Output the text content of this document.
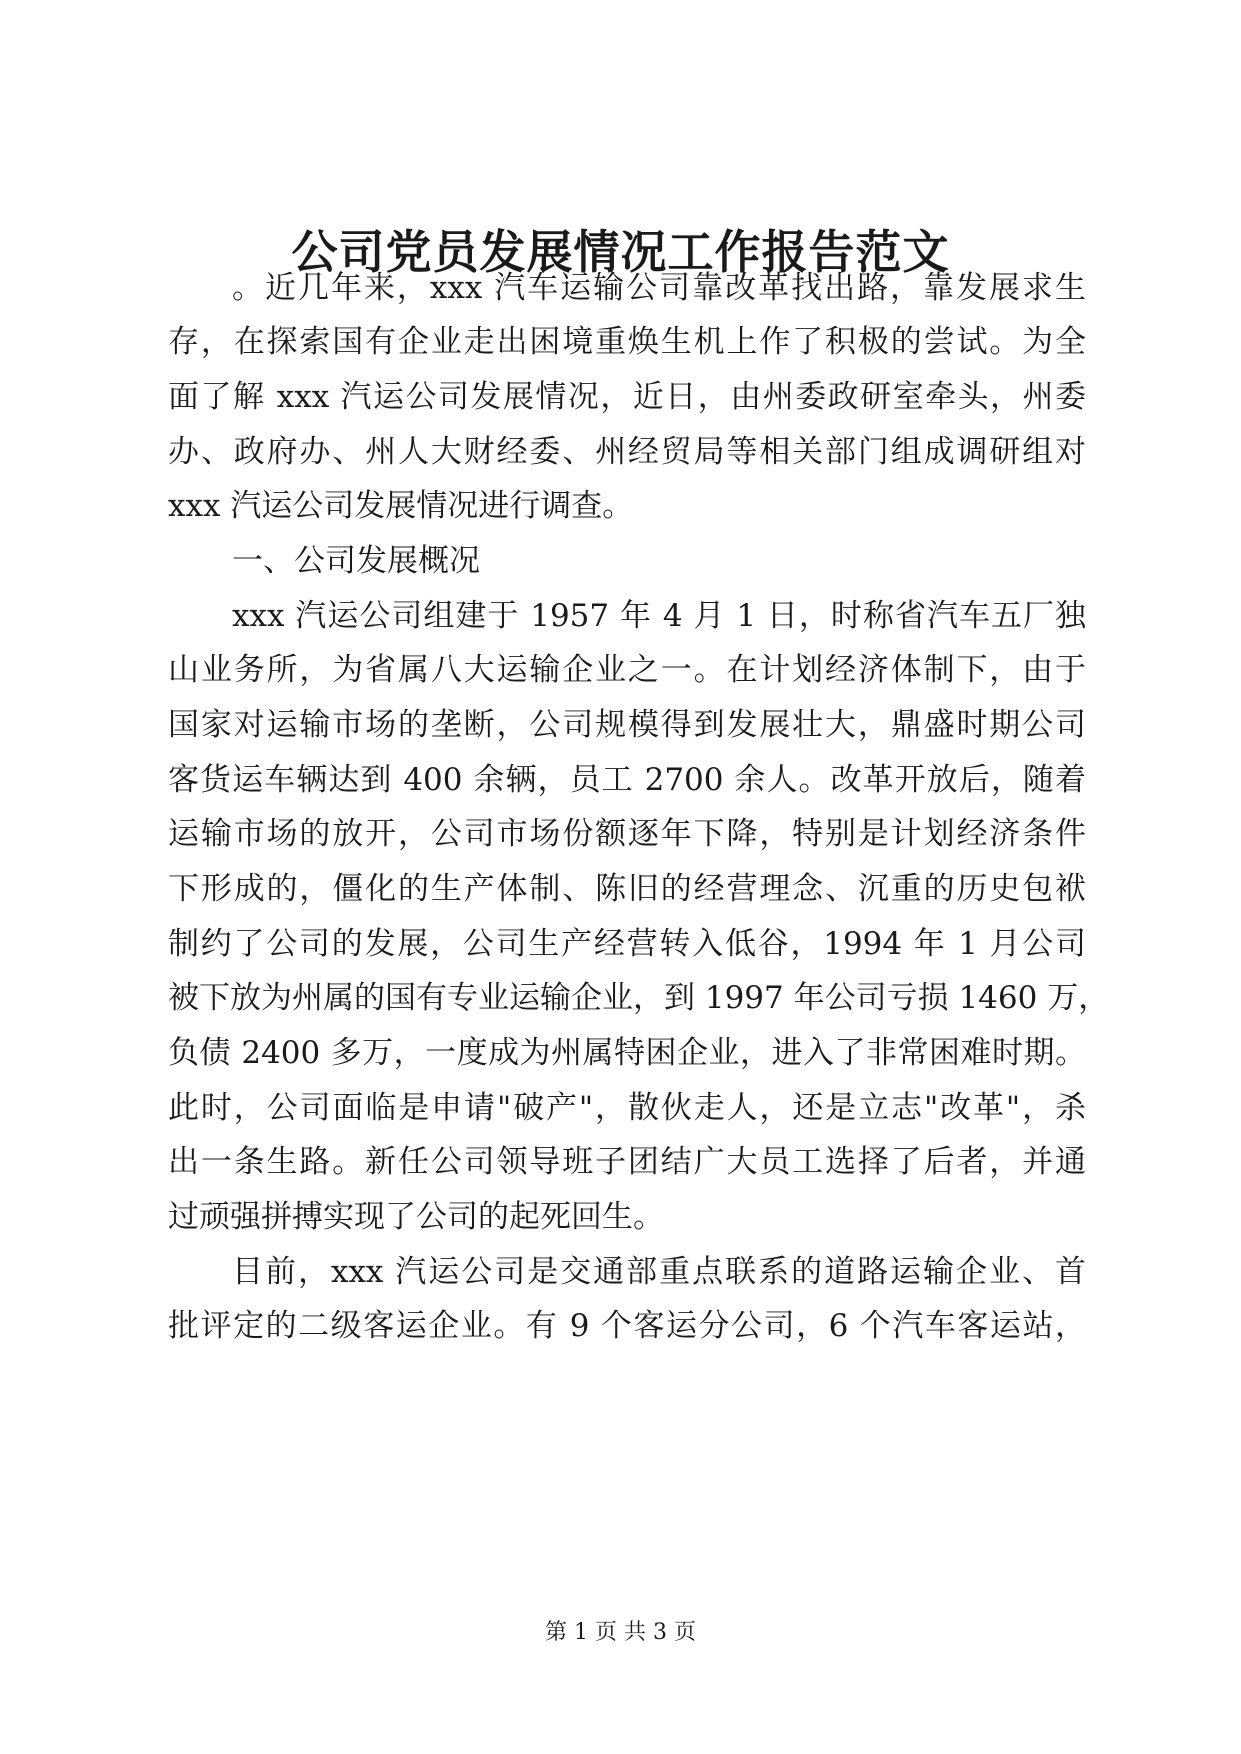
公司党员发展情况工作报告范文
。近几年来，xxx 汽车运输公司靠改革找出路，靠发展求生
存，在探索国有企业走出困境重焕生机上作了积极的尝试。为全
面了解 xxx 汽运公司发展情况，近日，由州委政研室牵头，州委
办、政府办、州人大财经委、州经贸局等相关部门组成调研组对
xxx 汽运公司发展情况进行调查。
一、公司发展概况
xxx 汽运公司组建于 1957 年 4 月 1 日，时称省汽车五厂独
山业务所，为省属八大运输企业之一。在计划经济体制下，由于
国家对运输市场的垄断，公司规模得到发展壮大，鼎盛时期公司
客货运车辆达到 400 余辆，员工 2700 余人。改革开放后，随着
运输市场的放开，公司市场份额逐年下降，特别是计划经济条件
下形成的，僵化的生产体制、陈旧的经营理念、沉重的历史包袱
制约了公司的发展，公司生产经营转入低谷，1994 年 1 月公司
被下放为州属的国有专业运输企业，到 1997 年公司亏损 1460 万，
负债 2400 多万，一度成为州属特困企业，进入了非常困难时期。
此时，公司面临是申请"破产"，散伙走人，还是立志"改革"，杀
出一条生路。新任公司领导班子团结广大员工选择了后者，并通
过顽强拼搏实现了公司的起死回生。
目前，xxx 汽运公司是交通部重点联系的道路运输企业、首
批评定的二级客运企业。有 9 个客运分公司，6 个汽车客运站，
第 1 页 共 3 页
